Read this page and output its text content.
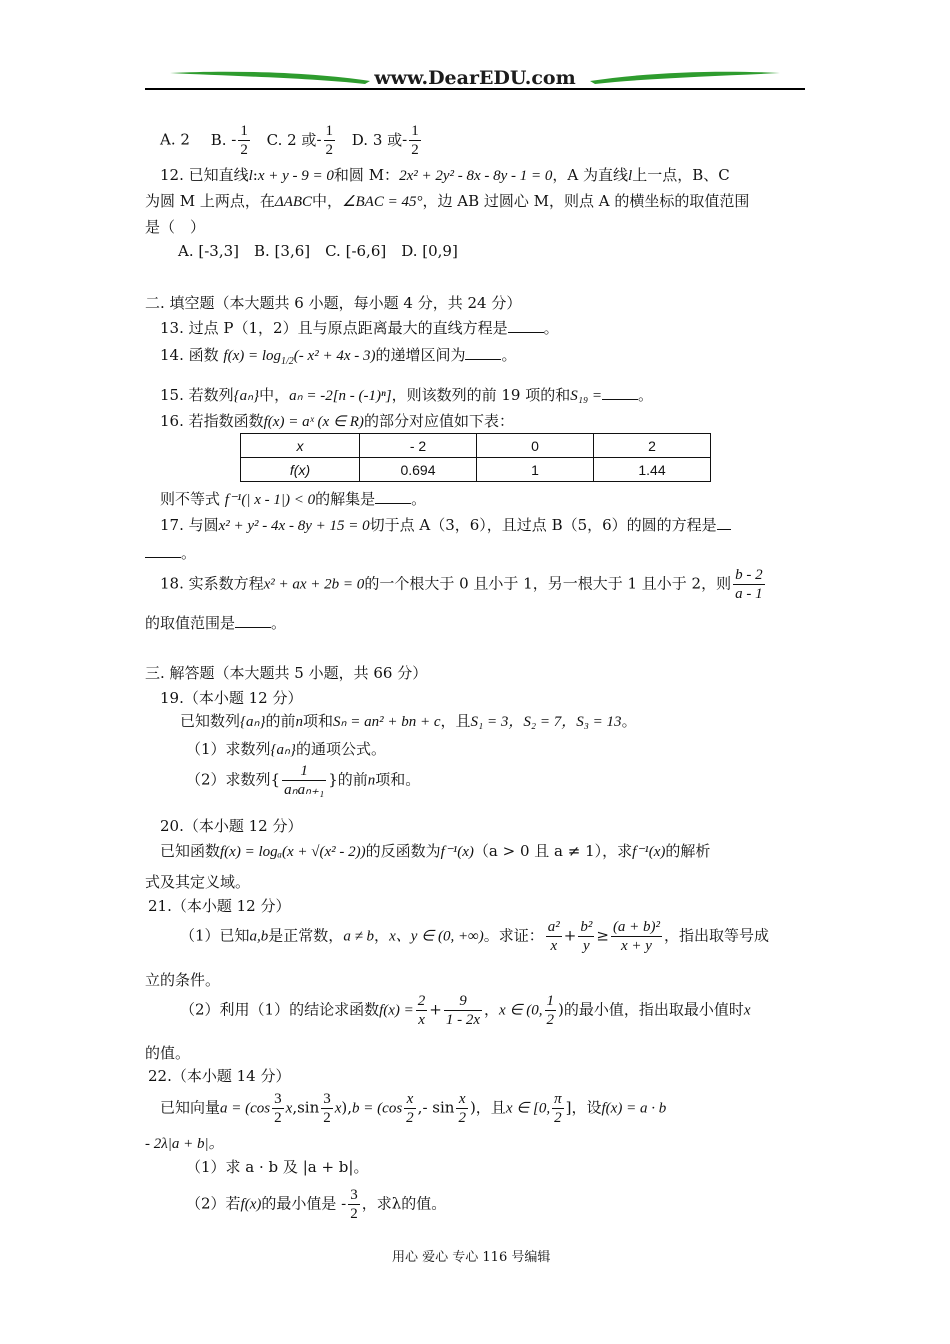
www.DearEDU.com
A. 2 B. - $\frac{1}{2} C$. 2 或- $\frac{1}{2} D$. 3 或- $\frac{1}{2}$
12. 已知直线l:x + y - 9 = 0和圆 M：2x² + 2y² - 8x - 8y - 1 = 0，A 为直线l上一点，B、C
为圆 M 上两点，在ΔABC中，∠BAC = 45°，边 AB 过圆心 M，则点 A 的横坐标的取值范围
是（　）
A. [-3,3]　B. [3,6]　C. [-6,6]　D. [0,9]
二. 填空题（本大题共 6 小题，每小题 4 分，共 24 分）
13. 过点 P（1，2）且与原点距离最大的直线方程是 。
14. 函数 $f(x) = \log_{1/2}(-$ x² + 4x - 3)的递增区间为 。
15. 若数列{aₙ}中，aₙ = -2[n - (-1)ⁿ]，则该数列的前 19 项的和S₁₉ = 。
16. 若指数函数f(x) = aˣ (x ∈ R)的部分对应值如下表：
x	- 2	0	2
f(x)	0.694	1	1.44
则不等式 f⁻¹(| x - 1|) < 0的解集是 。
17. 与圆x² + y² - 4x - 8y + 15 = 0切于点 A（3，6），且过点 B（5，6）的圆的方程是
。
18. 实系数方程x² + ax + 2b = 0的一个根大于 0 且小于 1，另一根大于 1 且小于 2，则 $\frac{b - 2}{a - 1}$
的取值范围是 。
三. 解答题（本大题共 5 小题，共 66 分）
19.（本小题 12 分）
已知数列{aₙ}的前n项和Sₙ = an² + bn + c，且S₁ = 3，S₂ = 7，S₃ = 13。
（1）求数列{aₙ}的通项公式。
（2）求数列{ $\frac{1}{\text{aₙaₙ₊₁}}$ }的前n项和。
20.（本小题 12 分）
已知函数f(x) = logₐ(x + √(x² - 2))的反函数为f⁻¹(x)（a > 0 且 a ≠ 1），求f⁻¹(x)的解析
式及其定义域。
21.（本小题 12 分）
（1）已知a,b是正常数，a ≠ b，x、y ∈ (0, +∞)。求证： $\frac{\text{a²}}{x} + \frac{\text{b²}}{y} \ge \frac{\text{(a + b)²}}{x + y}$ ，指出取等号成
立的条件。
（2）利用（1）的结论求函数$f(x) = \frac{2}{x} + \frac{9}{1 - 2x}$ ，x ∈ (0, $\frac{1}{2}$ )的最小值，指出取最小值时x
的值。
22.（本小题 14 分）
已知向量$a = (\cos \frac{3}{2} x,\sin \frac{3}{2} x),b = (\cos \frac{x}{2}$ ,- $\sin \frac{x}{2}$ )，且x ∈ [0, $\frac{\pi}{2}$ ]，设f(x) = a · b
- 2λ|a + b|。
（1）求 a · b 及 |a + b|。
（2）若f(x)的最小值是 - $\frac{3}{2}$ ，求λ的值。
用心 爱心 专心 116 号编辑
